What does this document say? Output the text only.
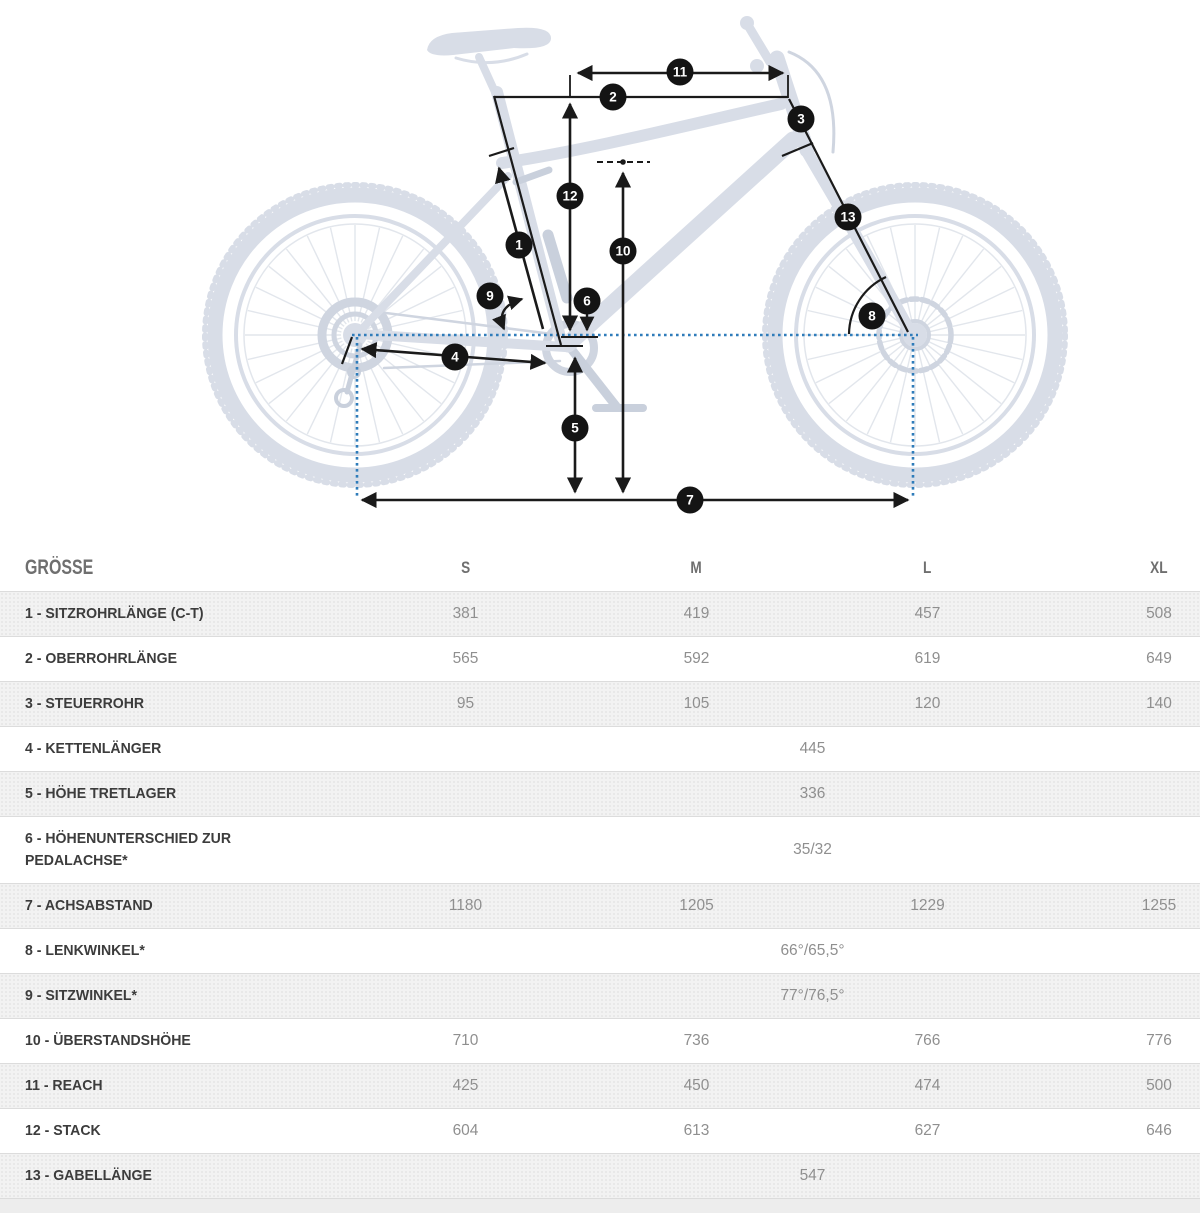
1
2
3
4
5
6
7
8
9
10
11
12
13
GRÖSSE	S	M	L	XL
1 - SITZROHRLÄNGE (C-T)	381	419	457	508
2 - OBERROHRLÄNGE	565	592	619	649
3 - STEUERROHR	95	105	120	140
4 - KETTENLÄNGER	445
5 - HÖHE TRETLAGER	336
6 - HÖHENUNTERSCHIED ZUR PEDALACHSE*
35/32
7 - ACHSABSTAND	1180	1205	1229	1255
8 - LENKWINKEL*	66°/65,5°
9 - SITZWINKEL*	77°/76,5°
10 - ÜBERSTANDSHÖHE	710	736	766	776
11 - REACH	425	450	474	500
12 - STACK	604	613	627	646
13 - GABELLÄNGE	547
